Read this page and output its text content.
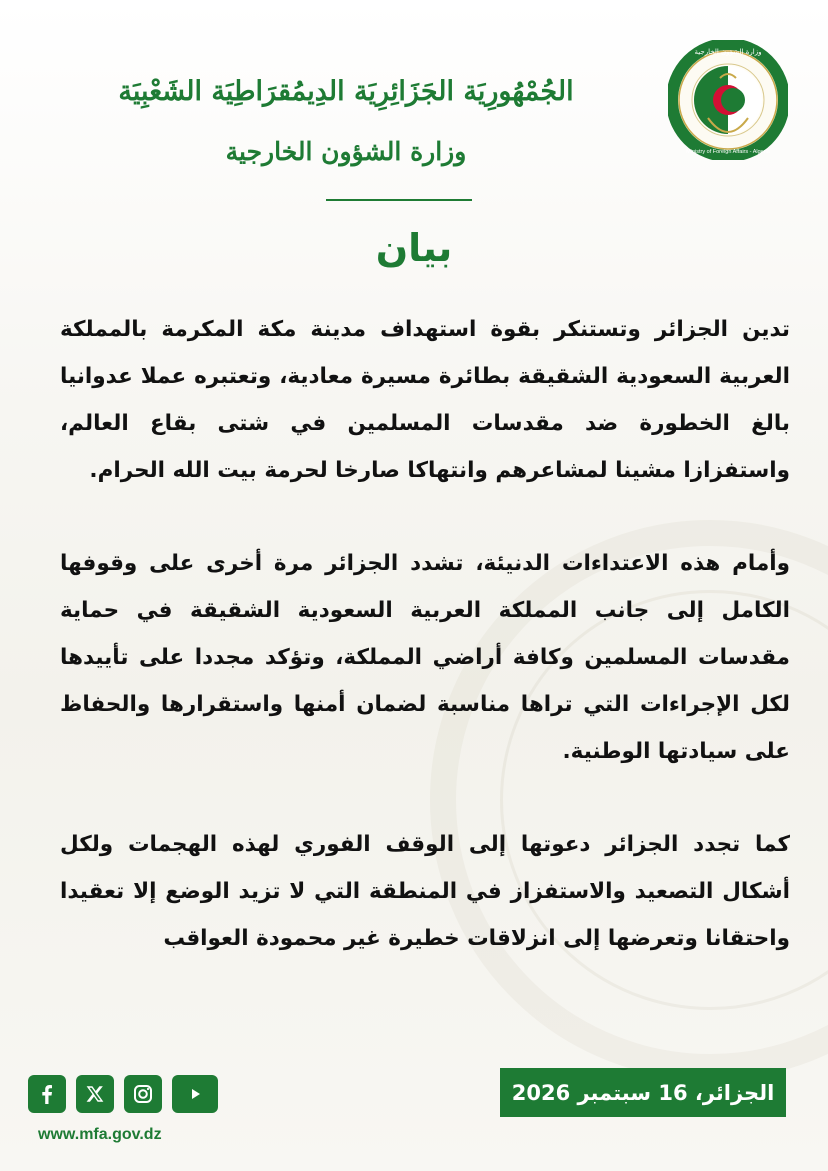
وزارة الشؤون الخارجية
Ministry of Foreign Affairs - Algeria
الجُمْهُورِيَة الجَزَائِرِيَة الدِيمُقرَاطِيَة الشَعْبِيَة
وزارة الشؤون الخارجية
بيان

تدين الجزائر وتستنكر بقوة استهداف مدينة مكة المكرمة بالمملكة العربية السعودية الشقيقة بطائرة مسيرة معادية، وتعتبره عملا عدوانيا بالغ الخطورة ضد مقدسات المسلمين في شتى بقاع العالم، واستفزازا مشينا لمشاعرهم وانتهاكا صارخا لحرمة بيت الله الحرام.

وأمام هذه الاعتداءات الدنيئة، تشدد الجزائر مرة أخرى على وقوفها الكامل إلى جانب المملكة العربية السعودية الشقيقة في حماية مقدسات المسلمين وكافة أراضي المملكة، وتؤكد مجددا على تأييدها لكل الإجراءات التي تراها مناسبة لضمان أمنها واستقرارها والحفاظ على سيادتها الوطنية.

كما تجدد الجزائر دعوتها إلى الوقف الفوري لهذه الهجمات ولكل أشكال التصعيد والاستفزاز في المنطقة التي لا تزيد الوضع إلا تعقيدا واحتقانا وتعرضها إلى انزلاقات خطيرة غير محمودة العواقب

www.mfa.gov.dz
الجزائر، 16 سبتمبر 2026
